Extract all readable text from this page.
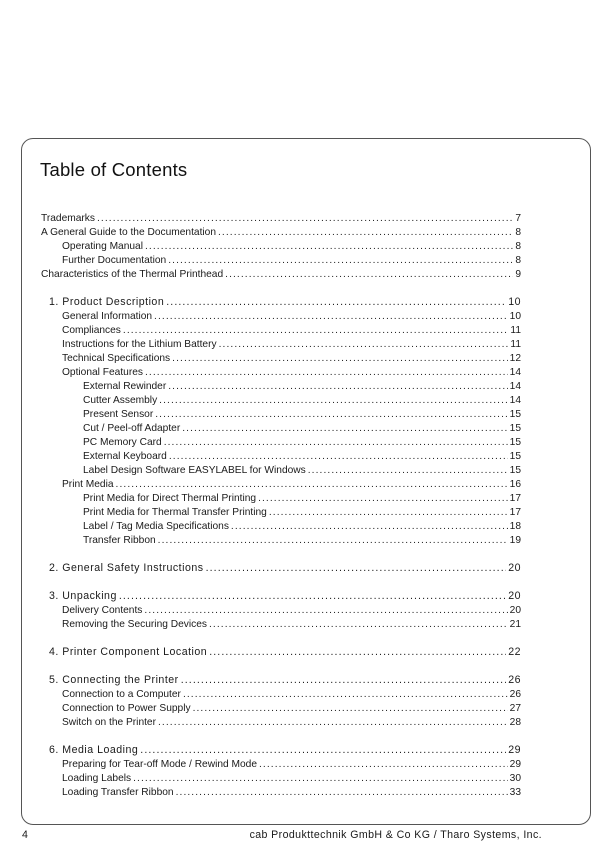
Table of Contents
Trademarks .....	7
A General Guide to the Documentation .....	8
Operating Manual .....	8
Further Documentation .....	8
Characteristics of the Thermal Printhead .....	9
1. Product Description .....	10
General Information .....	10
Compliances .....	11
Instructions for the Lithium Battery .....	11
Technical Specifications .....	12
Optional Features .....	14
External Rewinder .....	14
Cutter Assembly .....	14
Present Sensor .....	15
Cut / Peel-off Adapter .....	15
PC Memory Card .....	15
External Keyboard .....	15
Label Design Software EASYLABEL for Windows .....	15
Print Media .....	16
Print Media for Direct Thermal Printing .....	17
Print Media for Thermal Transfer Printing .....	17
Label / Tag Media Specifications .....	18
Transfer Ribbon .....	19
2. General Safety Instructions .....	20
3. Unpacking .....	20
Delivery Contents .....	20
Removing the Securing Devices .....	21
4. Printer Component Location .....	22
5. Connecting the Printer .....	26
Connection to a Computer .....	26
Connection to Power Supply .....	27
Switch on the Printer .....	28
6. Media Loading .....	29
Preparing for Tear-off Mode / Rewind Mode .....	29
Loading Labels .....	30
Loading Transfer Ribbon .....	33
4	cab Produkttechnik GmbH & Co KG / Tharo Systems, Inc.
